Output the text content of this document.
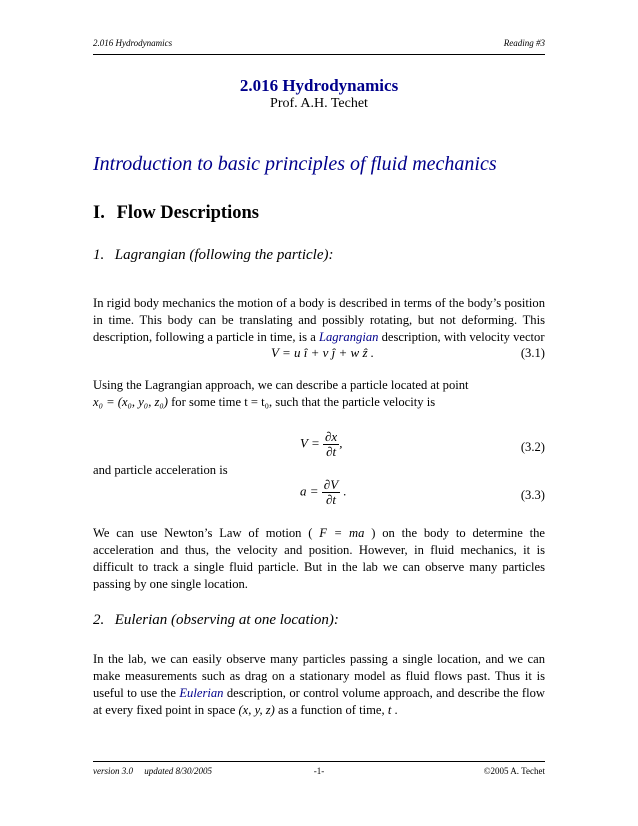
2.016 Hydrodynamics	Reading #3
2.016 Hydrodynamics
Prof. A.H. Techet
Introduction to basic principles of fluid mechanics
I. Flow Descriptions
1. Lagrangian (following the particle):

In rigid body mechanics the motion of a body is described in terms of the body’s position in time. This body can be translating and possibly rotating, but not deforming. This description, following a particle in time, is a Lagrangian description, with velocity vector

V = u î + v ĵ + w ẑ .	(3.1)

Using the Lagrangian approach, we can describe a particle located at point
x₀ = (x₀, y₀, z₀) for some time t = t₀, such that the particle velocity is

$V = \frac{\partial x}{\partial t}$ ,	(3.2)
and particle acceleration is
$a = \frac{\partial V}{\partial t}$ .	(3.3)

We can use Newton’s Law of motion ( F = ma ) on the body to determine the acceleration and thus, the velocity and position. However, in fluid mechanics, it is difficult to track a single fluid particle. But in the lab we can observe many particles passing by one single location.

2. Eulerian (observing at one location):

In the lab, we can easily observe many particles passing a single location, and we can make measurements such as drag on a stationary model as fluid flows past. Thus it is useful to use the Eulerian description, or control volume approach, and describe the flow at every fixed point in space (x, y, z) as a function of time, t .

version 3.0 updated 8/30/2005	-1-	©2005 A. Techet
